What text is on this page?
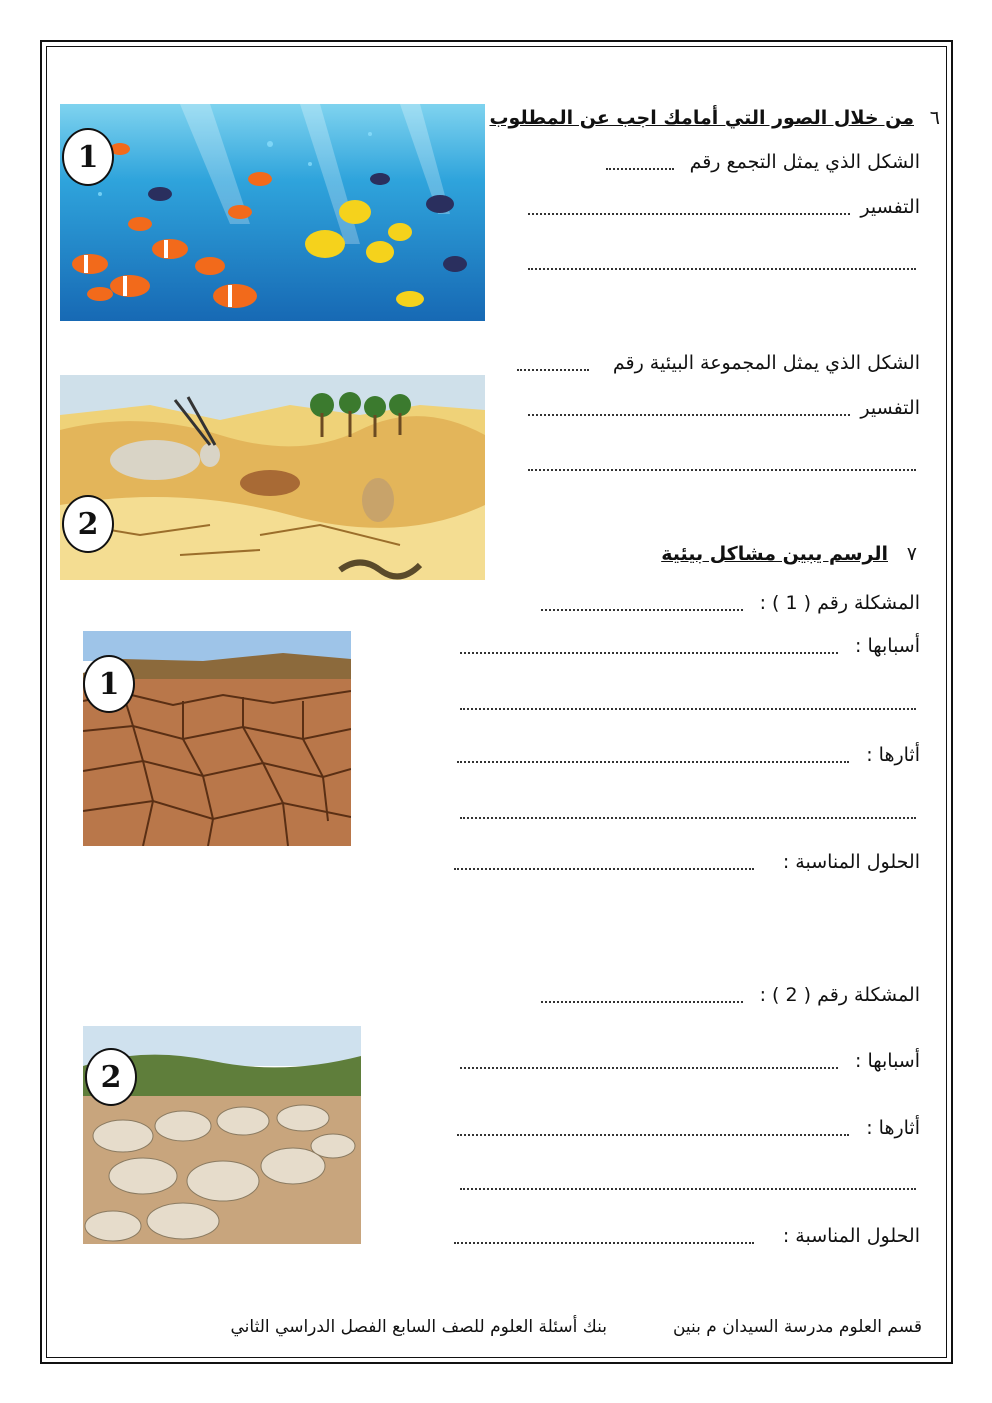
٦
من خلال الصور التي أمامك اجب عن المطلوب
الشكل الذي يمثل التجمع رقم
التفسير
الشكل الذي يمثل المجموعة البيئية رقم
التفسير
1
2
٧
الرسم يبين مشاكل بيئية
المشكلة رقم ( 1 ) :
أسبابها :
أثارها :
الحلول المناسبة :
المشكلة رقم ( 2 ) :
أسبابها :
أثارها :
الحلول المناسبة :
1
2
قسم العلوم مدرسة السيدان م بنين
بنك أسئلة العلوم للصف السابع الفصل الدراسي الثاني
